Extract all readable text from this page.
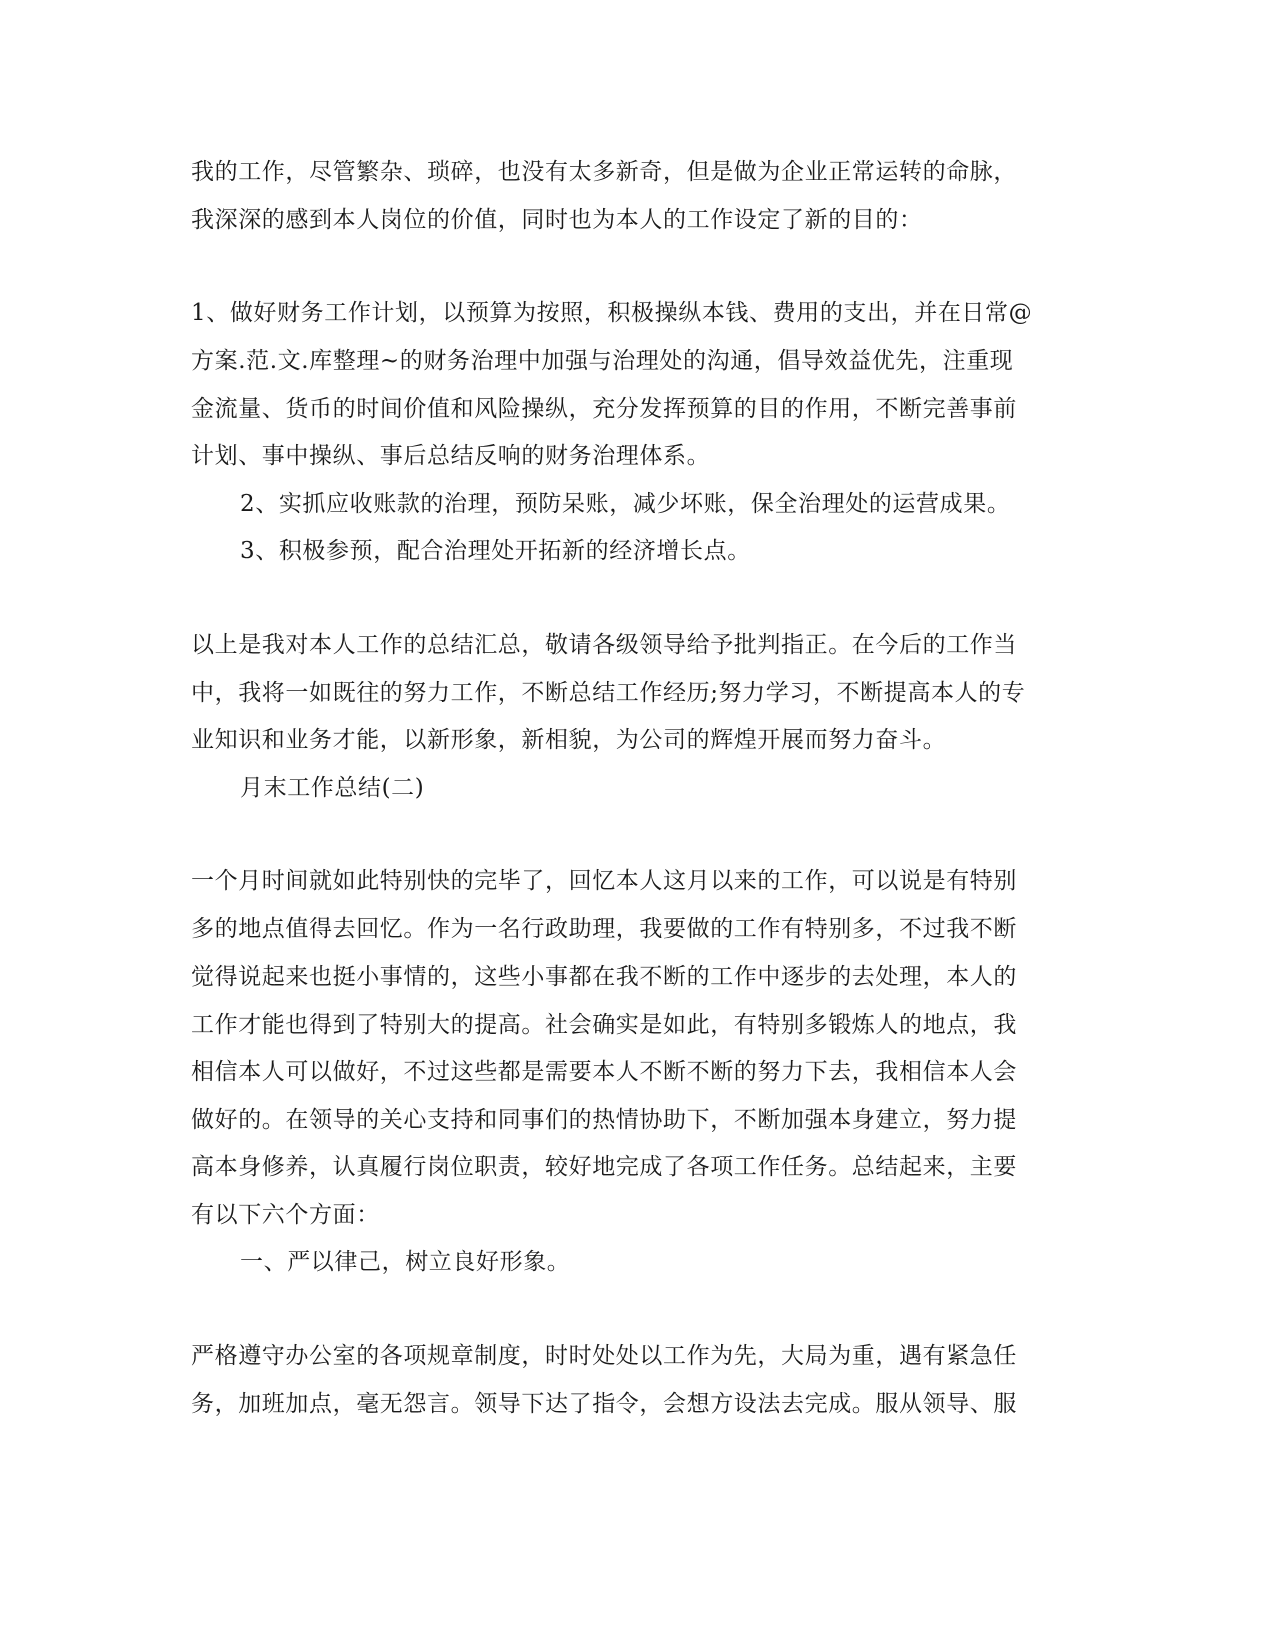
我的工作，尽管繁杂、琐碎，也没有太多新奇，但是做为企业正常运转的命脉，
我深深的感到本人岗位的价值，同时也为本人的工作设定了新的目的：
1、做好财务工作计划，以预算为按照，积极操纵本钱、费用的支出，并在日常@
方案.范.文.库整理~的财务治理中加强与治理处的沟通，倡导效益优先，注重现
金流量、货币的时间价值和风险操纵，充分发挥预算的目的作用，不断完善事前
计划、事中操纵、事后总结反响的财务治理体系。
2、实抓应收账款的治理，预防呆账，减少坏账，保全治理处的运营成果。
3、积极参预，配合治理处开拓新的经济增长点。
以上是我对本人工作的总结汇总，敬请各级领导给予批判指正。在今后的工作当
中，我将一如既往的努力工作，不断总结工作经历;努力学习，不断提高本人的专
业知识和业务才能，以新形象，新相貌，为公司的辉煌开展而努力奋斗。
月末工作总结(二)
一个月时间就如此特别快的完毕了，回忆本人这月以来的工作，可以说是有特别
多的地点值得去回忆。作为一名行政助理，我要做的工作有特别多，不过我不断
觉得说起来也挺小事情的，这些小事都在我不断的工作中逐步的去处理，本人的
工作才能也得到了特别大的提高。社会确实是如此，有特别多锻炼人的地点，我
相信本人可以做好，不过这些都是需要本人不断不断的努力下去，我相信本人会
做好的。在领导的关心支持和同事们的热情协助下，不断加强本身建立，努力提
高本身修养，认真履行岗位职责，较好地完成了各项工作任务。总结起来，主要
有以下六个方面：
一、严以律己，树立良好形象。
严格遵守办公室的各项规章制度，时时处处以工作为先，大局为重，遇有紧急任
务，加班加点，毫无怨言。领导下达了指令，会想方设法去完成。服从领导、服
